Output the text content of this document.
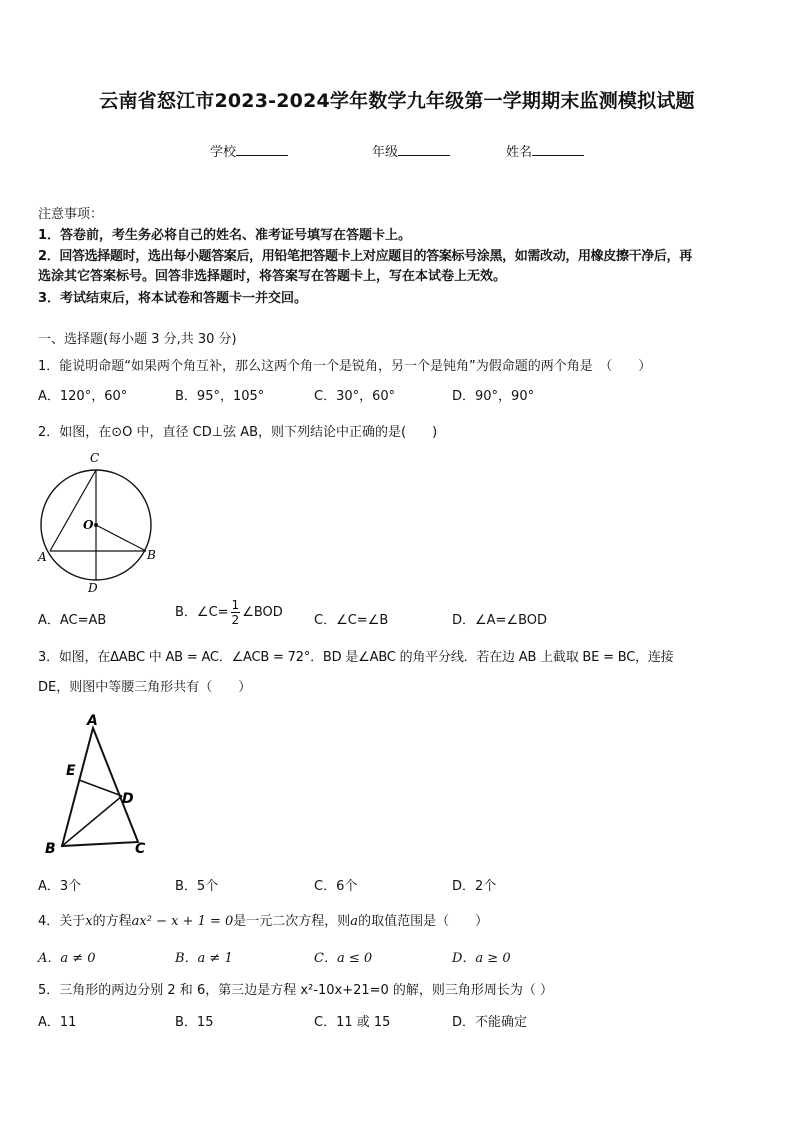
云南省怒江市2023-2024学年数学九年级第一学期期末监测模拟试题
学校	年级	姓名
注意事项：
1．答卷前，考生务必将自己的姓名、准考证号填写在答题卡上。
2．回答选择题时，选出每小题答案后，用铅笔把答题卡上对应题目的答案标号涂黑，如需改动，用橡皮擦干净后，再
选涂其它答案标号。回答非选择题时，将答案写在答题卡上，写在本试卷上无效。
3．考试结束后，将本试卷和答题卡一并交回。
一、选择题(每小题 3 分,共 30 分)
1．能说明命题“如果两个角互补，那么这两个角一个是锐角，另一个是钝角”为假命题的两个角是　（　　）
A．120°，60°	B．95°，105°	C．30°，60°	D．90°，90°
2．如图，在⊙O 中，直径 CD⊥弦 AB，则下列结论中正确的是(　　)
C
O
A	B
D
A．AC=AB
B．∠C= $\frac{1}{2}$ ∠BOD
C．∠C=∠B	D．∠A=∠BOD
3．如图，在ΔABC 中 AB = AC．∠ACB = 72°．BD 是∠ABC 的角平分线．若在边 AB 上截取 BE = BC，连接
DE，则图中等腰三角形共有（　　）
A
E
D
B	C
A．3个	B．5个	C．6个	D．2个
4．关于x的方程ax² − x + 1 = 0是一元二次方程，则a的取值范围是（　　）
A．a ≠ 0	B．a ≠ 1	C．a ≤ 0	D．a ≥ 0
5．三角形的两边分别 2 和 6，第三边是方程 x²-10x+21=0 的解，则三角形周长为（ ）
A．11	B．15	C．11 或 15	D．不能确定
